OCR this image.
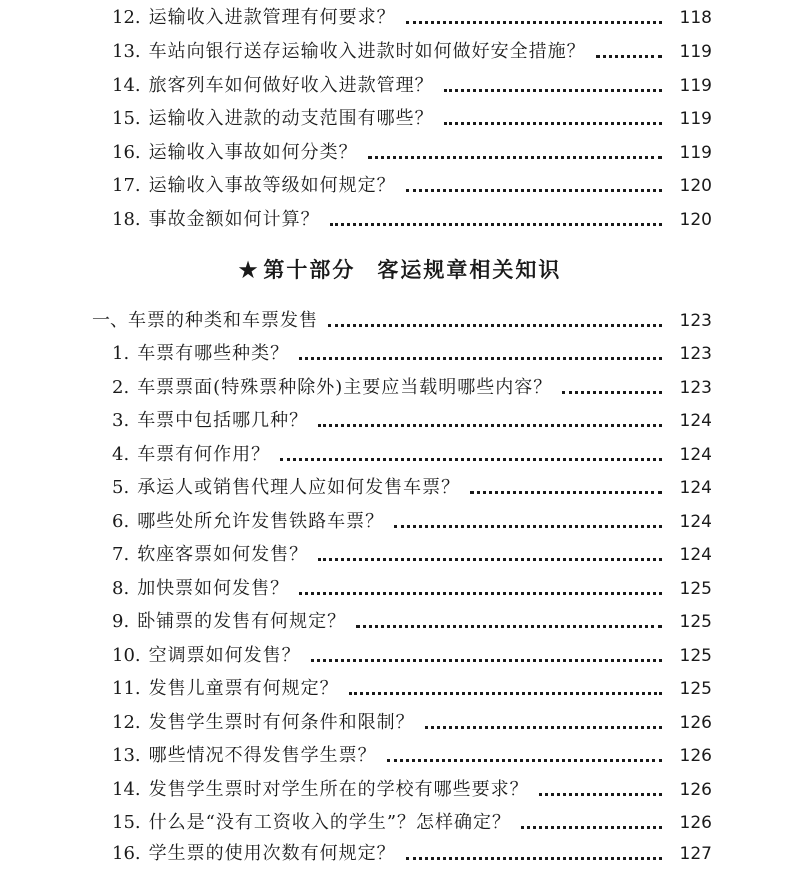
12. 运输收入进款管理有何要求？	118
13. 车站向银行送存运输收入进款时如何做好安全措施？	119
14. 旅客列车如何做好收入进款管理？	119
15. 运输收入进款的动支范围有哪些？	119
16. 运输收入事故如何分类？	119
17. 运输收入事故等级如何规定？	120
18. 事故金额如何计算？	120
★ 第十部分 客运规章相关知识
一、 车票的种类和车票发售	123
1. 车票有哪些种类？	123
2. 车票票面(特殊票种除外)主要应当载明哪些内容？	123
3. 车票中包括哪几种？	124
4. 车票有何作用？	124
5. 承运人或销售代理人应如何发售车票？	124
6. 哪些处所允许发售铁路车票？	124
7. 软座客票如何发售？	124
8. 加快票如何发售？	125
9. 卧铺票的发售有何规定？	125
10. 空调票如何发售？	125
11. 发售儿童票有何规定？	125
12. 发售学生票时有何条件和限制？	126
13. 哪些情况不得发售学生票？	126
14. 发售学生票时对学生所在的学校有哪些要求？	126
15. 什么是“没有工资收入的学生”？怎样确定？	126
16. 学生票的使用次数有何规定？	127
